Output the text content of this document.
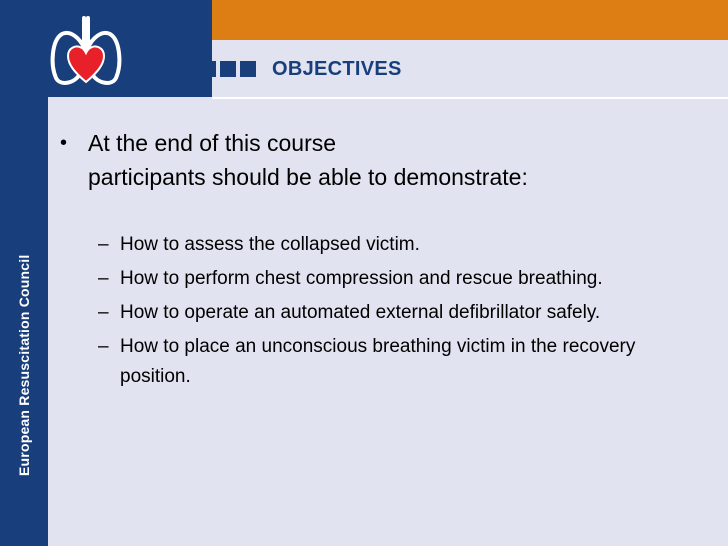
European Resuscitation Council
OBJECTIVES
• At the end of this course
participants should be able to demonstrate:
– How to assess the collapsed victim.
– How to perform chest compression and rescue breathing.
– How to operate an automated external defibrillator safely.
– How to place an unconscious breathing victim in the recovery position.
